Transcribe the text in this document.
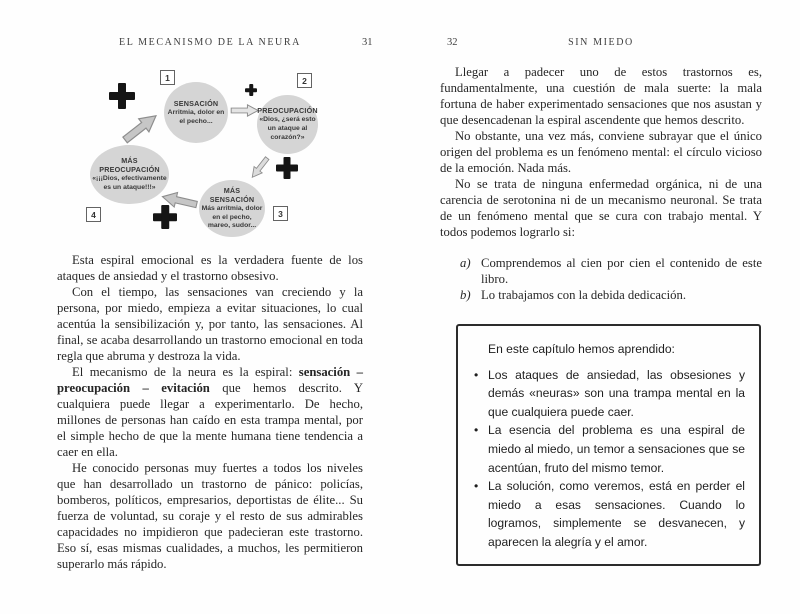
EL MECANISMO DE LA NEURA	31
1	2
3
4
SENSACIÓN
Arritmia, dolor en el pecho...
PREOCUPACIÓN
«Dios, ¿será esto un ataque al corazón?»
MÁS SENSACIÓN
Más arritmia, dolor en el pecho, mareo, sudor...
MÁS PREOCUPACIÓN
«¡¡¡Dios, efectivamente es un ataque!!!»

Esta espiral emocional es la verdadera fuente de los ataques de ansiedad y el trastorno obsesivo.

Con el tiempo, las sensaciones van creciendo y la persona, por miedo, empieza a evitar situaciones, lo cual acentúa la sensibilización y, por tanto, las sensaciones. Al final, se acaba desarrollando un trastorno emocional en toda regla que abruma y destroza la vida.

El mecanismo de la neura es la espiral: sensación – preocupación – evitación que hemos descrito. Y cualquiera puede llegar a experimentarlo. De hecho, millones de personas han caído en esta trampa mental, por el simple hecho de que la mente humana tiene tendencia a caer en ella.

He conocido personas muy fuertes a todos los niveles que han desarrollado un trastorno de pánico: policías, bomberos, políticos, empresarios, deportistas de élite... Su fuerza de voluntad, su coraje y el resto de sus admirables capacidades no impidieron que padecieran este trastorno. Eso sí, esas mismas cualidades, a muchos, les permitieron superarlo más rápido.

SIN MIEDO
32

Llegar a padecer uno de estos trastornos es, fundamentalmente, una cuestión de mala suerte: la mala fortuna de haber experimentado sensaciones que nos asustan y que desencadenan la espiral ascendente que hemos descrito.

No obstante, una vez más, conviene subrayar que el único origen del problema es un fenómeno mental: el círculo vicioso de la emoción. Nada más.

No se trata de ninguna enfermedad orgánica, ni de una carencia de serotonina ni de un mecanismo neuronal. Se trata de un fenómeno mental que se cura con trabajo mental. Y todos podemos lograrlo si:

a) Comprendemos al cien por cien el contenido de este libro.
b) Lo trabajamos con la debida dedicación.
En este capítulo hemos aprendido:
• Los ataques de ansiedad, las obsesiones y demás «neuras» son una trampa mental en la que cualquiera puede caer.
• La esencia del problema es una espiral de miedo al miedo, un temor a sensaciones que se acentúan, fruto del mismo temor.
• La solución, como veremos, está en perder el miedo a esas sensaciones. Cuando lo logramos, simplemente se desvanecen, y aparecen la alegría y el amor.
